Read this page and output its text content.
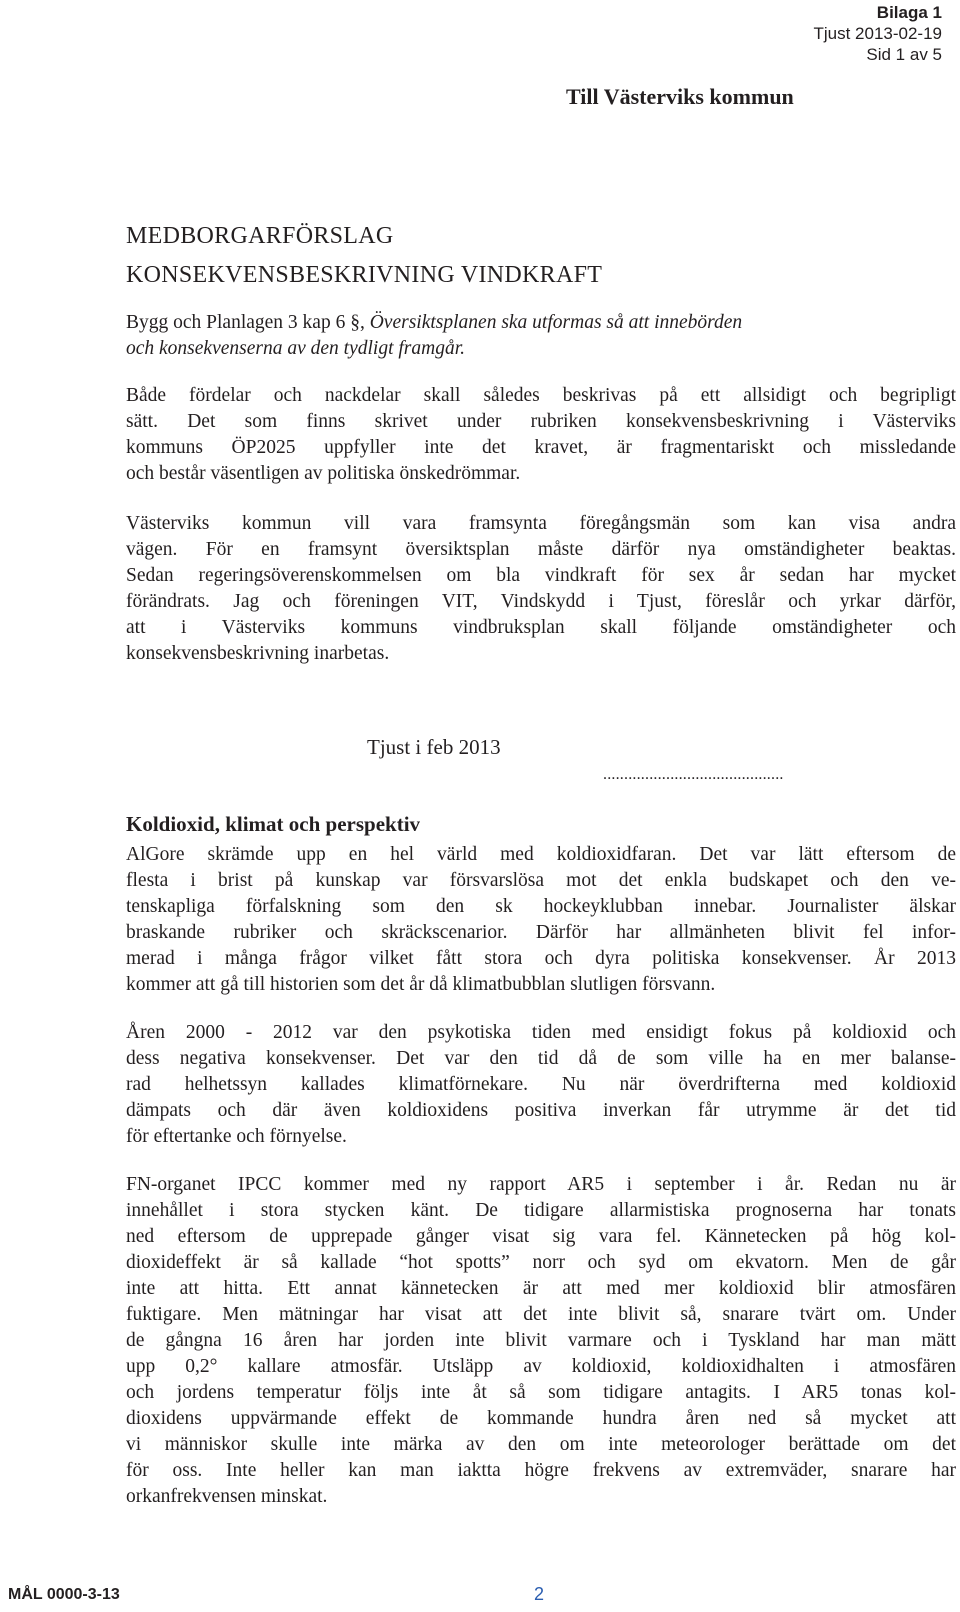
Bilaga 1
Tjust 2013-02-19
Sid 1 av 5
Till Västerviks kommun
MEDBORGARFÖRSLAG
KONSEKVENSBESKRIVNING VINDKRAFT
Bygg och Planlagen 3 kap 6 §, Översiktsplanen ska utformas så att innebörden
och konsekvenserna av den tydligt framgår.
Både fördelar och nackdelar skall således beskrivas på ett allsidigt och begripligt
sätt. Det som finns skrivet under rubriken konsekvensbeskrivning i Västerviks
kommuns ÖP2025 uppfyller inte det kravet, är fragmentariskt och missledande
och består väsentligen av politiska önskedrömmar.
Västerviks kommun vill vara framsynta föregångsmän som kan visa andra
vägen. För en framsynt översiktsplan måste därför nya omständigheter beaktas.
Sedan regeringsöverenskommelsen om bla vindkraft för sex år sedan har mycket
förändrats. Jag och föreningen VIT, Vindskydd i Tjust, föreslår och yrkar därför,
att i Västerviks kommuns vindbruksplan skall följande omständigheter och
konsekvensbeskrivning inarbetas.
Tjust i feb 2013
...........................................
Koldioxid, klimat och perspektiv
AlGore skrämde upp en hel värld med koldioxidfaran. Det var lätt eftersom de
flesta i brist på kunskap var försvarslösa mot det enkla budskapet och den ve-
tenskapliga förfalskning som den sk hockeyklubban innebar. Journalister älskar
braskande rubriker och skräckscenarior. Därför har allmänheten blivit fel infor-
merad i många frågor vilket fått stora och dyra politiska konsekvenser. År 2013
kommer att gå till historien som det år då klimatbubblan slutligen försvann.
Åren 2000 - 2012 var den psykotiska tiden med ensidigt fokus på koldioxid och
dess negativa konsekvenser. Det var den tid då de som ville ha en mer balanse-
rad helhetssyn kallades klimatförnekare. Nu när överdrifterna med koldioxid
dämpats och där även koldioxidens positiva inverkan får utrymme är det tid
för eftertanke och förnyelse.
FN-organet IPCC kommer med ny rapport AR5 i september i år. Redan nu är
innehållet i stora stycken känt. De tidigare allarmistiska prognoserna har tonats
ned eftersom de upprepade gånger visat sig vara fel. Kännetecken på hög kol-
dioxideffekt är så kallade “hot spotts” norr och syd om ekvatorn. Men de går
inte att hitta. Ett annat kännetecken är att med mer koldioxid blir atmosfären
fuktigare. Men mätningar har visat att det inte blivit så, snarare tvärt om. Under
de gångna 16 åren har jorden inte blivit varmare och i Tyskland har man mätt
upp 0,2° kallare atmosfär. Utsläpp av koldioxid, koldioxidhalten i atmosfären
och jordens temperatur följs inte åt så som tidigare antagits. I AR5 tonas kol-
dioxidens uppvärmande effekt de kommande hundra åren ned så mycket att
vi människor skulle inte märka av den om inte meteorologer berättade om det
för oss. Inte heller kan man iaktta högre frekvens av extremväder, snarare har
orkanfrekvensen minskat.
MÅL 0000-3-13	2
